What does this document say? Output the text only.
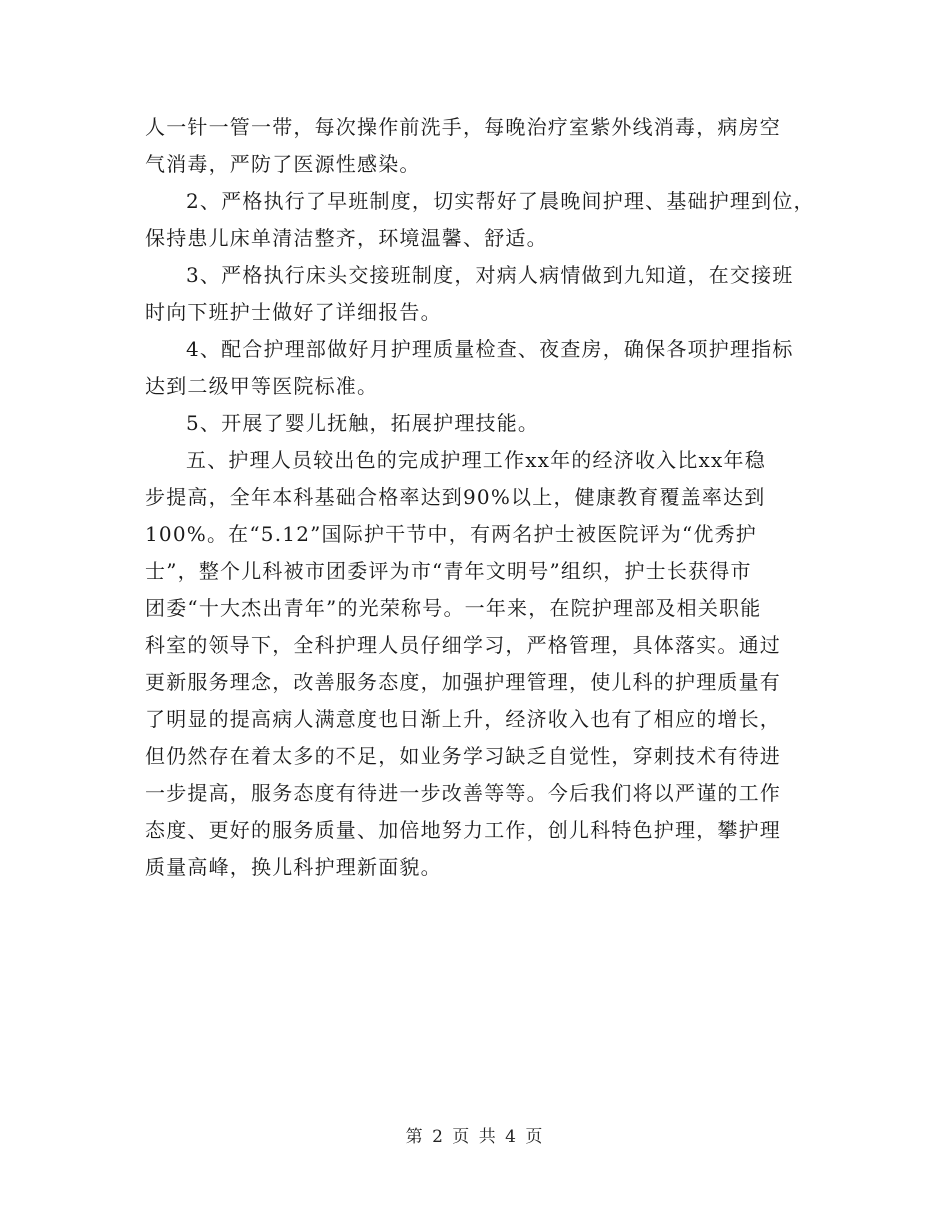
人一针一管一带，每次操作前洗手，每晚治疗室紫外线消毒，病房空
气消毒，严防了医源性感染。
2、严格执行了早班制度，切实帮好了晨晚间护理、基础护理到位，
保持患儿床单清洁整齐，环境温馨、舒适。
3、严格执行床头交接班制度，对病人病情做到九知道，在交接班
时向下班护士做好了详细报告。
4、配合护理部做好月护理质量检查、夜查房，确保各项护理指标
达到二级甲等医院标准。
5、开展了婴儿抚触，拓展护理技能。
五、护理人员较出色的完成护理工作xx年的经济收入比xx年稳
步提高，全年本科基础合格率达到90%以上，健康教育覆盖率达到
100%。在“5.12”国际护干节中，有两名护士被医院评为“优秀护
士”，整个儿科被市团委评为市“青年文明号”组织，护士长获得市
团委“十大杰出青年”的光荣称号。一年来，在院护理部及相关职能
科室的领导下，全科护理人员仔细学习，严格管理，具体落实。通过
更新服务理念，改善服务态度，加强护理管理，使儿科的护理质量有
了明显的提高病人满意度也日渐上升，经济收入也有了相应的增长，
但仍然存在着太多的不足，如业务学习缺乏自觉性，穿刺技术有待进
一步提高，服务态度有待进一步改善等等。今后我们将以严谨的工作
态度、更好的服务质量、加倍地努力工作，创儿科特色护理，攀护理
质量高峰，换儿科护理新面貌。
第 2 页 共 4 页
